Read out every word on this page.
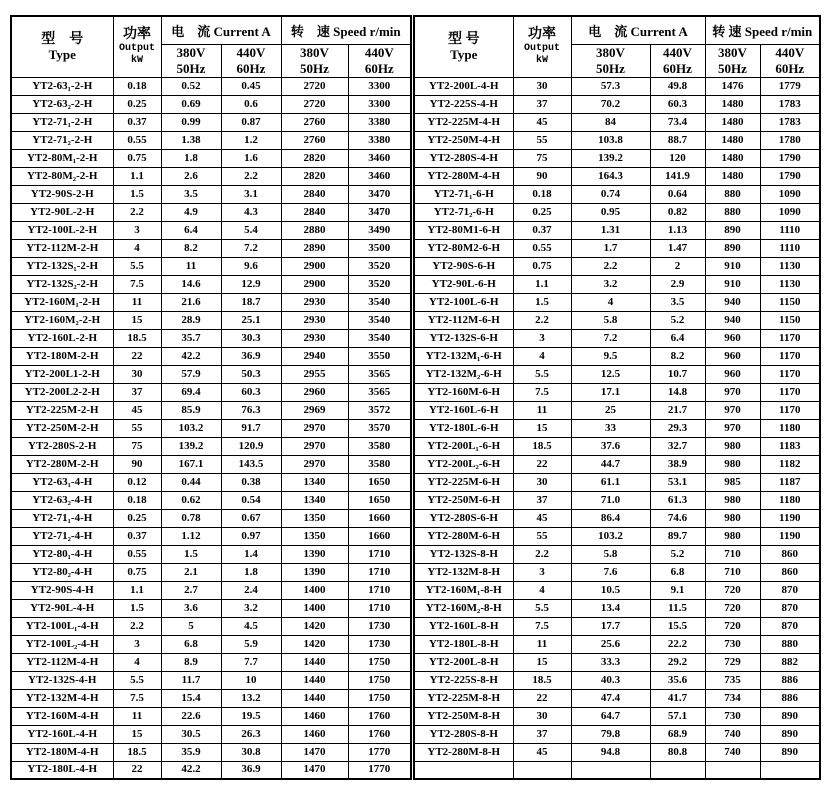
型　号
Type

功率
Output
kW
	电　流 Current A	转　速 Speed r/min
		380V
50Hz	440V
60Hz	380V
50Hz	440V
60Hz
YT2-63₁-2-H	0.18	0.52	0.45	2720	3300
YT2-63₂-2-H	0.25	0.69	0.6	2720	3300
YT2-71₁-2-H	0.37	0.99	0.87	2760	3380
YT2-71₂-2-H	0.55	1.38	1.2	2760	3380
YT2-80M₁-2-H	0.75	1.8	1.6	2820	3460
YT2-80M₂-2-H	1.1	2.6	2.2	2820	3460
YT2-90S-2-H	1.5	3.5	3.1	2840	3470
YT2-90L-2-H	2.2	4.9	4.3	2840	3470
YT2-100L-2-H	3	6.4	5.4	2880	3490
YT2-112M-2-H	4	8.2	7.2	2890	3500
YT2-132S₁-2-H	5.5	11	9.6	2900	3520
YT2-132S₂-2-H	7.5	14.6	12.9	2900	3520
YT2-160M₁-2-H	11	21.6	18.7	2930	3540
YT2-160M₂-2-H	15	28.9	25.1	2930	3540
YT2-160L-2-H	18.5	35.7	30.3	2930	3540
YT2-180M-2-H	22	42.2	36.9	2940	3550
YT2-200L1-2-H	30	57.9	50.3	2955	3565
YT2-200L2-2-H	37	69.4	60.3	2960	3565
YT2-225M-2-H	45	85.9	76.3	2969	3572
YT2-250M-2-H	55	103.2	91.7	2970	3570
YT2-280S-2-H	75	139.2	120.9	2970	3580
YT2-280M-2-H	90	167.1	143.5	2970	3580
YT2-63₁-4-H	0.12	0.44	0.38	1340	1650
YT2-63₂-4-H	0.18	0.62	0.54	1340	1650
YT2-71₁-4-H	0.25	0.78	0.67	1350	1660
YT2-71₂-4-H	0.37	1.12	0.97	1350	1660
YT2-80₁-4-H	0.55	1.5	1.4	1390	1710
YT2-80₂-4-H	0.75	2.1	1.8	1390	1710
YT2-90S-4-H	1.1	2.7	2.4	1400	1710
YT2-90L-4-H	1.5	3.6	3.2	1400	1710
YT2-100L₁-4-H	2.2	5	4.5	1420	1730
YT2-100L₂-4-H	3	6.8	5.9	1420	1730
YT2-112M-4-H	4	8.9	7.7	1440	1750
YT2-132S-4-H	5.5	11.7	10	1440	1750
YT2-132M-4-H	7.5	15.4	13.2	1440	1750
YT2-160M-4-H	11	22.6	19.5	1460	1760
YT2-160L-4-H	15	30.5	26.3	1460	1760
YT2-180M-4-H	18.5	35.9	30.8	1470	1770
YT2-180L-4-H	22	42.2	36.9	1470	1770
型 号
Type

功率
Output
kW
	电　流 Current A	转 速 Speed r/min
		380V
50Hz	440V
60Hz	380V
50Hz	440V
60Hz
YT2-200L-4-H	30	57.3	49.8	1476	1779
YT2-225S-4-H	37	70.2	60.3	1480	1783
YT2-225M-4-H	45	84	73.4	1480	1783
YT2-250M-4-H	55	103.8	88.7	1480	1780
YT2-280S-4-H	75	139.2	120	1480	1790
YT2-280M-4-H	90	164.3	141.9	1480	1790
YT2-71₁-6-H	0.18	0.74	0.64	880	1090
YT2-71₂-6-H	0.25	0.95	0.82	880	1090
YT2-80M1-6-H	0.37	1.31	1.13	890	1110
YT2-80M2-6-H	0.55	1.7	1.47	890	1110
YT2-90S-6-H	0.75	2.2	2	910	1130
YT2-90L-6-H	1.1	3.2	2.9	910	1130
YT2-100L-6-H	1.5	4	3.5	940	1150
YT2-112M-6-H	2.2	5.8	5.2	940	1150
YT2-132S-6-H	3	7.2	6.4	960	1170
YT2-132M₁-6-H	4	9.5	8.2	960	1170
YT2-132M₂-6-H	5.5	12.5	10.7	960	1170
YT2-160M-6-H	7.5	17.1	14.8	970	1170
YT2-160L-6-H	11	25	21.7	970	1170
YT2-180L-6-H	15	33	29.3	970	1180
YT2-200L₁-6-H	18.5	37.6	32.7	980	1183
YT2-200L₂-6-H	22	44.7	38.9	980	1182
YT2-225M-6-H	30	61.1	53.1	985	1187
YT2-250M-6-H	37	71.0	61.3	980	1180
YT2-280S-6-H	45	86.4	74.6	980	1190
YT2-280M-6-H	55	103.2	89.7	980	1190
YT2-132S-8-H	2.2	5.8	5.2	710	860
YT2-132M-8-H	3	7.6	6.8	710	860
YT2-160M₁-8-H	4	10.5	9.1	720	870
YT2-160M₂-8-H	5.5	13.4	11.5	720	870
YT2-160L-8-H	7.5	17.7	15.5	720	870
YT2-180L-8-H	11	25.6	22.2	730	880
YT2-200L-8-H	15	33.3	29.2	729	882
YT2-225S-8-H	18.5	40.3	35.6	735	886
YT2-225M-8-H	22	47.4	41.7	734	886
YT2-250M-8-H	30	64.7	57.1	730	890
YT2-280S-8-H	37	79.8	68.9	740	890
YT2-280M-8-H	45	94.8	80.8	740	890
